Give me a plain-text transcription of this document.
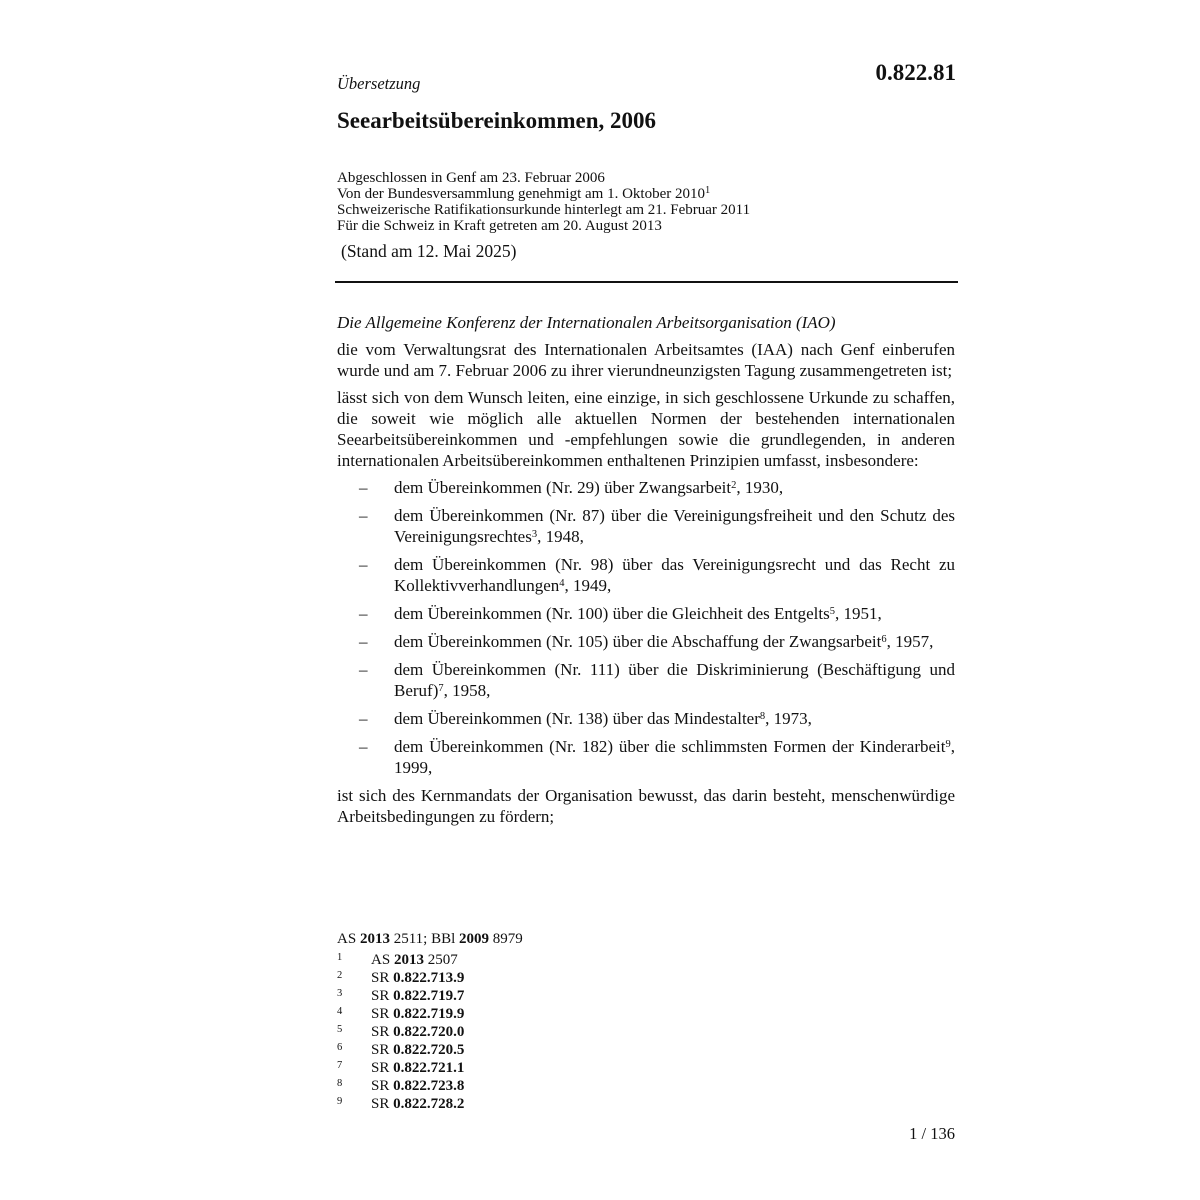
Übersetzung	0.822.81
Seearbeitsübereinkommen, 2006
Abgeschlossen in Genf am 23. Februar 2006
Von der Bundesversammlung genehmigt am 1. Oktober 2010$^1$
Schweizerische Ratifikationsurkunde hinterlegt am 21. Februar 2011
Für die Schweiz in Kraft getreten am 20. August 2013
(Stand am 12. Mai 2025)

Die Allgemeine Konferenz der Internationalen Arbeitsorganisation (IAO)

die vom Verwaltungsrat des Internationalen Arbeitsamtes (IAA) nach Genf einberufen wurde und am 7. Februar 2006 zu ihrer vierundneunzigsten Tagung zusammengetreten ist;

lässt sich von dem Wunsch leiten, eine einzige, in sich geschlossene Urkunde zu schaffen, die soweit wie möglich alle aktuellen Normen der bestehenden internationalen Seearbeitsübereinkommen und -empfehlungen sowie die grundlegenden, in anderen internationalen Arbeitsübereinkommen enthaltenen Prinzipien umfasst, insbesondere:

– dem Übereinkommen (Nr. 29) über Zwangsarbeit$^2$, 1930,
– dem Übereinkommen (Nr. 87) über die Vereinigungsfreiheit und den Schutz des Vereinigungsrechtes$^3$, 1948,
– dem Übereinkommen (Nr. 98) über das Vereinigungsrecht und das Recht zu Kollektivverhandlungen$^4$, 1949,
– dem Übereinkommen (Nr. 100) über die Gleichheit des Entgelts$^5$, 1951,
– dem Übereinkommen (Nr. 105) über die Abschaffung der Zwangsarbeit$^6$, 1957,
– dem Übereinkommen (Nr. 111) über die Diskriminierung (Beschäftigung und Beruf)$^7$, 1958,
– dem Übereinkommen (Nr. 138) über das Mindestalter$^8$, 1973,
– dem Übereinkommen (Nr. 182) über die schlimmsten Formen der Kinderarbeit$^9$, 1999,

ist sich des Kernmandats der Organisation bewusst, das darin besteht, menschenwürdige Arbeitsbedingungen zu fördern;

AS 2013 2511; BBl 2009 8979
1 AS 2013 2507
2 SR 0.822.713.9
3 SR 0.822.719.7
4 SR 0.822.719.9
5 SR 0.822.720.0
6 SR 0.822.720.5
7 SR 0.822.721.1
8 SR 0.822.723.8
9 SR 0.822.728.2
1 / 136
